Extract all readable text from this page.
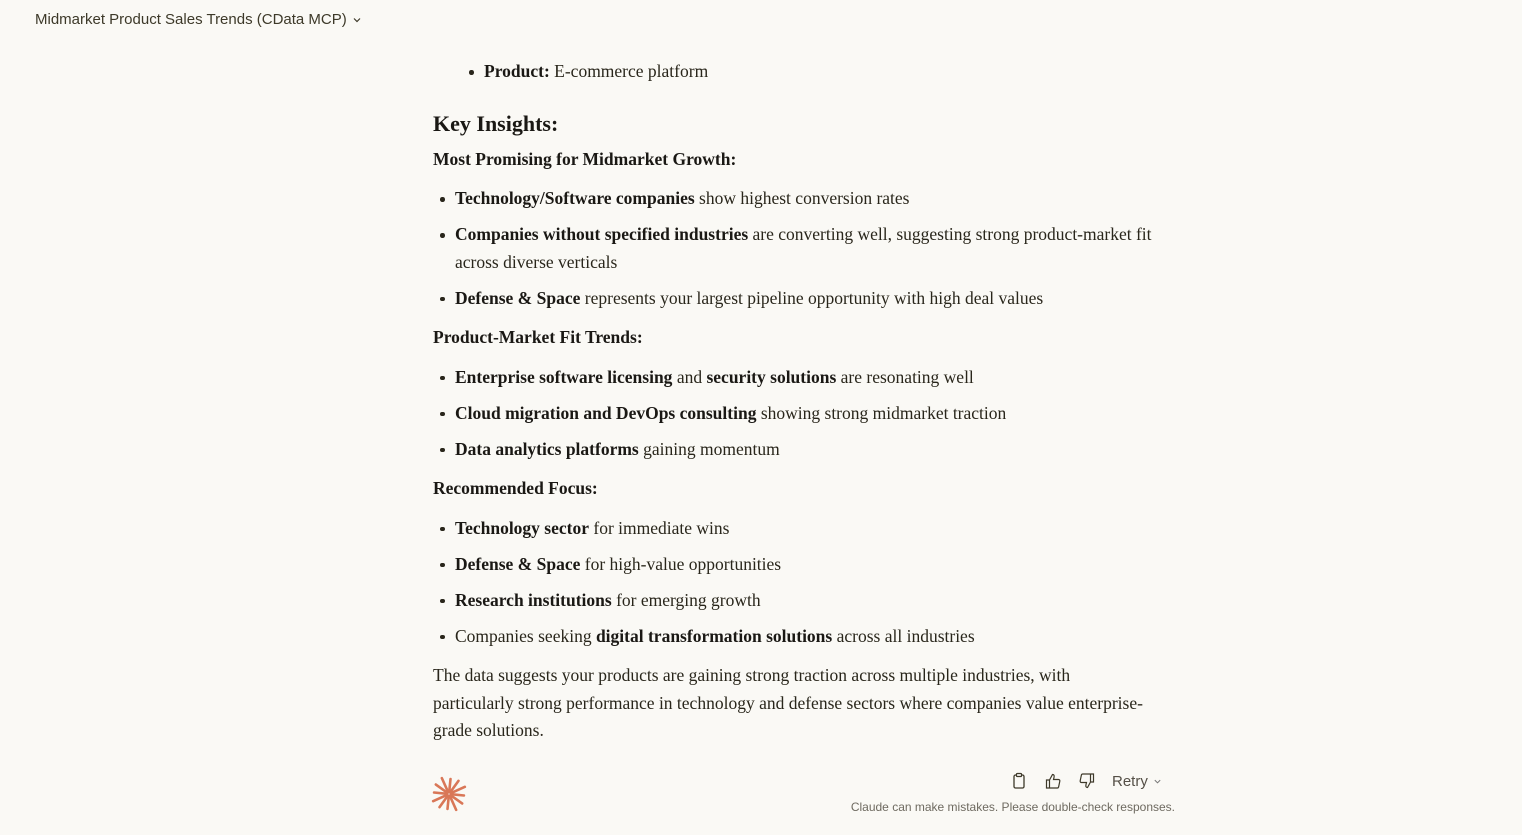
Midmarket Product Sales Trends (CData MCP)
Product: E-commerce platform
Key Insights:
Most Promising for Midmarket Growth:
Technology/Software companies show highest conversion rates
Companies without specified industries are converting well, suggesting strong product-market fit across diverse verticals
Defense & Space represents your largest pipeline opportunity with high deal values
Product-Market Fit Trends:
Enterprise software licensing and security solutions are resonating well
Cloud migration and DevOps consulting showing strong midmarket traction
Data analytics platforms gaining momentum
Recommended Focus:
Technology sector for immediate wins
Defense & Space for high-value opportunities
Research institutions for emerging growth
Companies seeking digital transformation solutions across all industries

The data suggests your products are gaining strong traction across multiple industries, with particularly strong performance in technology and defense sectors where companies value enterprise-grade solutions.

Retry
Claude can make mistakes. Please double-check responses.
